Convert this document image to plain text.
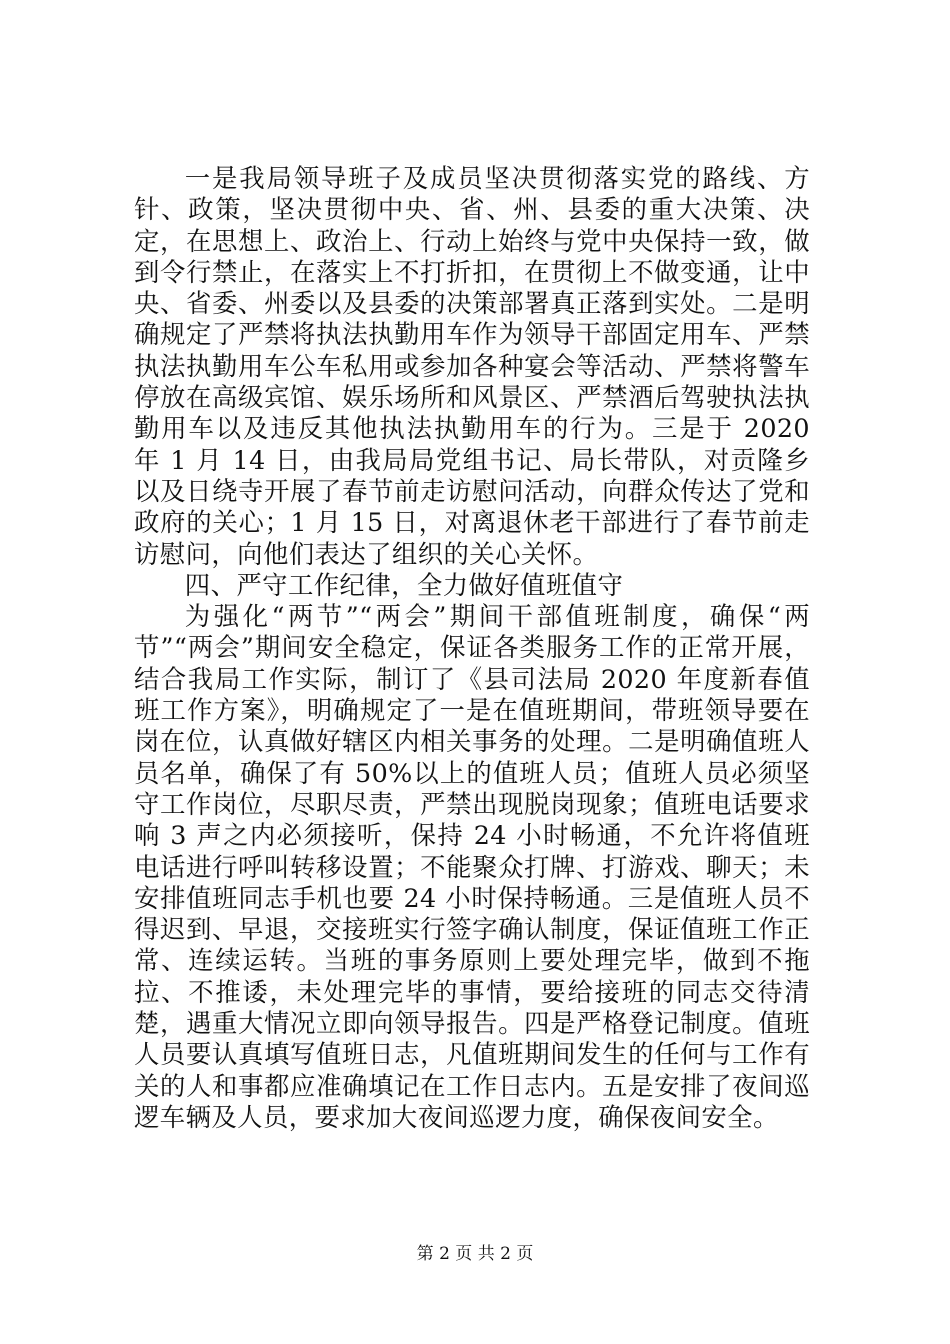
一是我局领导班子及成员坚决贯彻落实党的路线、方针、政策，坚决贯彻中央、省、州、县委的重大决策、决定，在思想上、政治上、行动上始终与党中央保持一致，做到令行禁止，在落实上不打折扣，在贯彻上不做变通，让中央、省委、州委以及县委的决策部署真正落到实处。二是明确规定了严禁将执法执勤用车作为领导干部固定用车、严禁执法执勤用车公车私用或参加各种宴会等活动、严禁将警车停放在高级宾馆、娱乐场所和风景区、严禁酒后驾驶执法执勤用车以及违反其他执法执勤用车的行为。三是于 2020 年 1 月 14 日，由我局局党组书记、局长带队，对贡隆乡以及日绕寺开展了春节前走访慰问活动，向群众传达了党和政府的关心；1 月 15 日，对离退休老干部进行了春节前走访慰问，向他们表达了组织的关心关怀。

四、严守工作纪律，全力做好值班值守

为强化“两节”“两会”期间干部值班制度，确保“两节”“两会”期间安全稳定，保证各类服务工作的正常开展，结合我局工作实际，制订了《县司法局 2020 年度新春值班工作方案》，明确规定了一是在值班期间，带班领导要在岗在位，认真做好辖区内相关事务的处理。二是明确值班人员名单，确保了有 50%以上的值班人员；值班人员必须坚守工作岗位，尽职尽责，严禁出现脱岗现象；值班电话要求响 3 声之内必须接听，保持 24 小时畅通，不允许将值班电话进行呼叫转移设置；不能聚众打牌、打游戏、聊天；未安排值班同志手机也要 24 小时保持畅通。三是值班人员不得迟到、早退，交接班实行签字确认制度，保证值班工作正常、连续运转。当班的事务原则上要处理完毕，做到不拖拉、不推诿，未处理完毕的事情，要给接班的同志交待清楚，遇重大情况立即向领导报告。四是严格登记制度。值班人员要认真填写值班日志，凡值班期间发生的任何与工作有关的人和事都应准确填记在工作日志内。五是安排了夜间巡逻车辆及人员，要求加大夜间巡逻力度，确保夜间安全。

第 2 页 共 2 页
